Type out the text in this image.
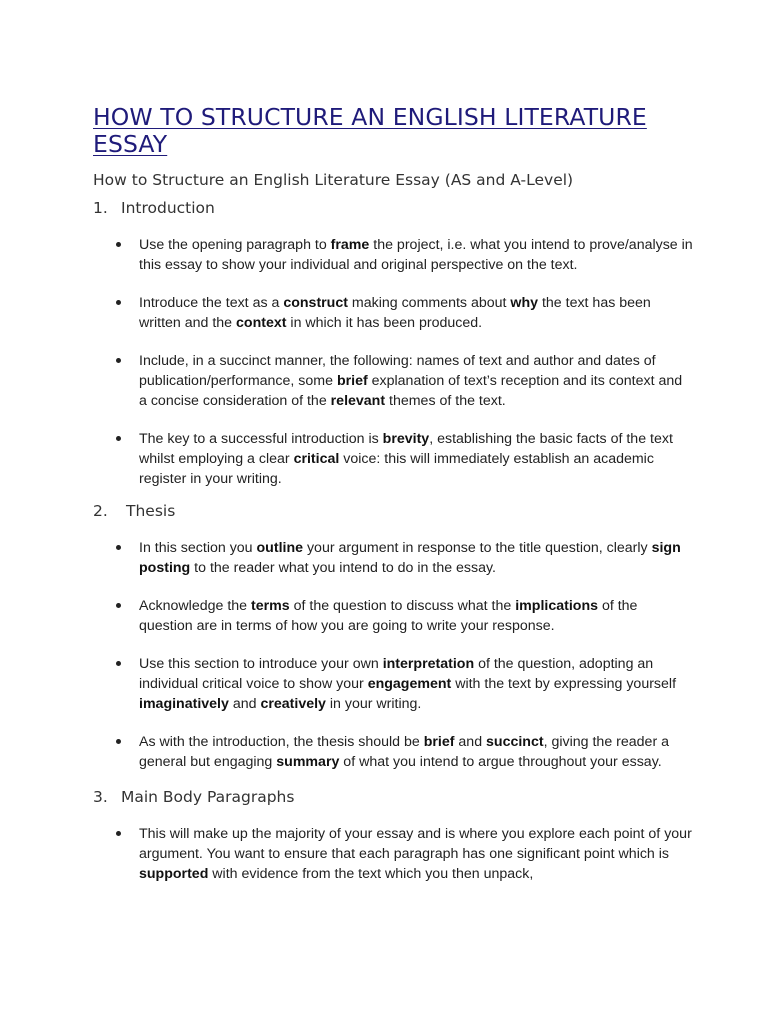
HOW TO STRUCTURE AN ENGLISH LITERATURE ESSAY
How to Structure an English Literature Essay (AS and A-Level)
1. Introduction
Use the opening paragraph to frame the project, i.e. what you intend to prove/analyse in this essay to show your individual and original perspective on the text.
Introduce the text as a construct making comments about why the text has been written and the context in which it has been produced.
Include, in a succinct manner, the following: names of text and author and dates of publication/performance, some brief explanation of text’s reception and its context and a concise consideration of the relevant themes of the text.
The key to a successful introduction is brevity, establishing the basic facts of the text whilst employing a clear critical voice: this will immediately establish an academic register in your writing.
2.	Thesis
In this section you outline your argument in response to the title question, clearly sign posting to the reader what you intend to do in the essay.
Acknowledge the terms of the question to discuss what the implications of the question are in terms of how you are going to write your response.
Use this section to introduce your own interpretation of the question, adopting an individual critical voice to show your engagement with the text by expressing yourself imaginatively and creatively in your writing.
As with the introduction, the thesis should be brief and succinct, giving the reader a general but engaging summary of what you intend to argue throughout your essay.
3. Main Body Paragraphs
This will make up the majority of your essay and is where you explore each point of your argument. You want to ensure that each paragraph has one significant point which is supported with evidence from the text which you then unpack,
